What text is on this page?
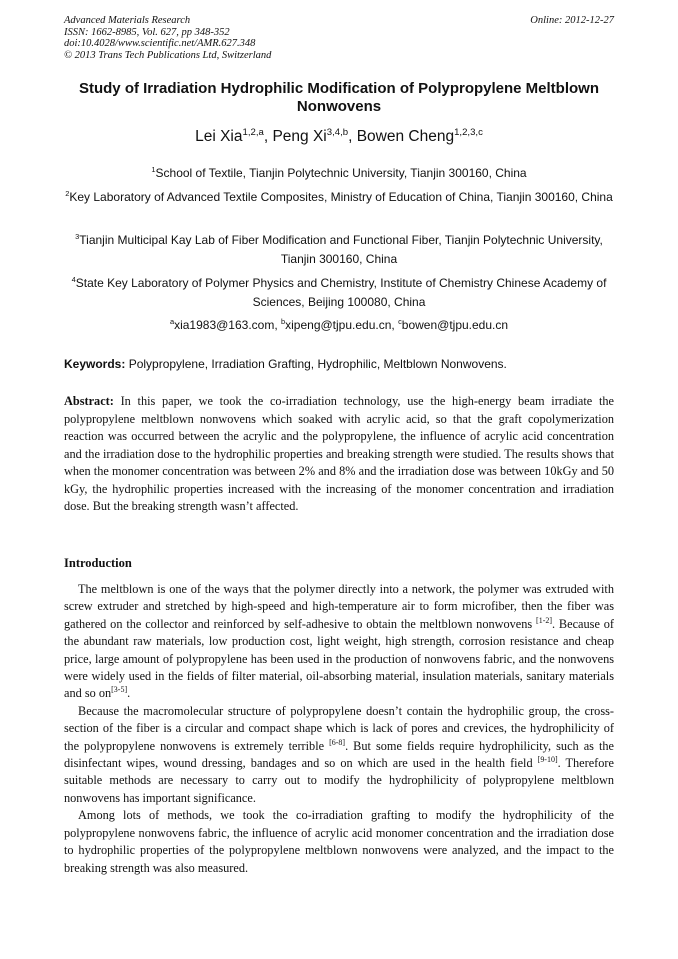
Advanced Materials Research
ISSN: 1662-8985, Vol. 627, pp 348-352
doi:10.4028/www.scientific.net/AMR.627.348
© 2013 Trans Tech Publications Ltd, Switzerland
Online: 2012-12-27
Study of Irradiation Hydrophilic Modification of Polypropylene Meltblown Nonwovens
Lei Xia$^{1,2,a}$, Peng Xi$^{3,4,b}$, Bowen Cheng$^{1,2,3,c}$
$^1$School of Textile, Tianjin Polytechnic University, Tianjin 300160, China
$^2$Key Laboratory of Advanced Textile Composites, Ministry of Education of China, Tianjin 300160, China
$^3$Tianjin Multicipal Kay Lab of Fiber Modification and Functional Fiber, Tianjin Polytechnic University, Tianjin 300160, China
$^4$State Key Laboratory of Polymer Physics and Chemistry, Institute of Chemistry Chinese Academy of Sciences, Beijing 100080, China
$^a$xia1983@163.com, $^b$xipeng@tjpu.edu.cn, $^c$bowen@tjpu.edu.cn
Keywords: Polypropylene, Irradiation Grafting, Hydrophilic, Meltblown Nonwovens.
Abstract: In this paper, we took the co-irradiation technology, use the high-energy beam irradiate the polypropylene meltblown nonwovens which soaked with acrylic acid, so that the graft copolymerization reaction was occurred between the acrylic and the polypropylene, the influence of acrylic acid concentration and the irradiation dose to the hydrophilic properties and breaking strength were studied. The results shows that when the monomer concentration was between 2% and 8% and the irradiation dose was between 10kGy and 50 kGy, the hydrophilic properties increased with the increasing of the monomer concentration and irradiation dose. But the breaking strength wasn’t affected.
Introduction

The meltblown is one of the ways that the polymer directly into a network, the polymer was extruded with screw extruder and stretched by high-speed and high-temperature air to form microfiber, then the fiber was gathered on the collector and reinforced by self-adhesive to obtain the meltblown nonwovens [1-2]. Because of the abundant raw materials, low production cost, light weight, high strength, corrosion resistance and cheap price, large amount of polypropylene has been used in the production of nonwovens fabric, and the nonwovens were widely used in the fields of filter material, oil-absorbing material, insulation materials, sanitary materials and so on[3-5].

Because the macromolecular structure of polypropylene doesn’t contain the hydrophilic group, the cross-section of the fiber is a circular and compact shape which is lack of pores and crevices, the hydrophilicity of the polypropylene nonwovens is extremely terrible [6-8]. But some fields require hydrophilicity, such as the disinfectant wipes, wound dressing, bandages and so on which are used in the health field [9-10]. Therefore suitable methods are necessary to carry out to modify the hydrophilicity of polypropylene meltblown nonwovens has important significance.

Among lots of methods, we took the co-irradiation grafting to modify the hydrophilicity of the polypropylene nonwovens fabric, the influence of acrylic acid monomer concentration and the irradiation dose to hydrophilic properties of the polypropylene meltblown nonwovens were analyzed, and the impact to the breaking strength was also measured.
